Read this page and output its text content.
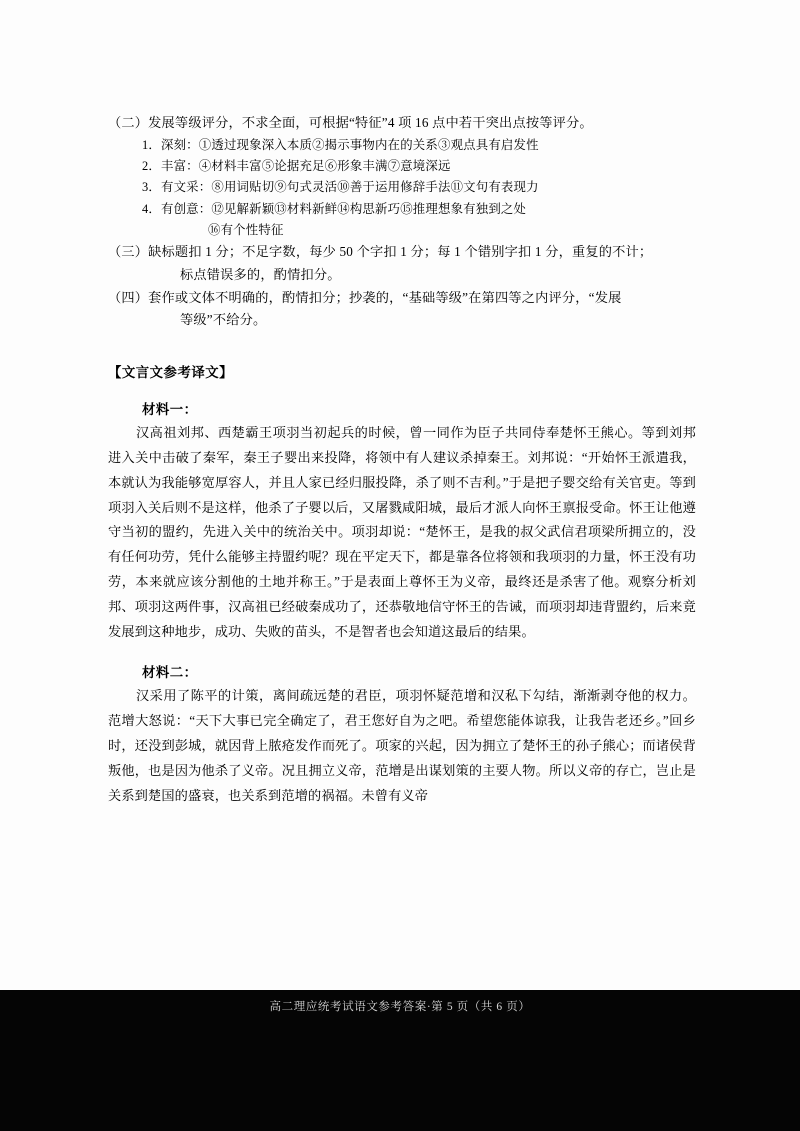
（二）发展等级评分，不求全面，可根据“特征”4 项 16 点中若干突出点按等评分。
1．深刻：①透过现象深入本质②揭示事物内在的关系③观点具有启发性
2．丰富：④材料丰富⑤论据充足⑥形象丰满⑦意境深远
3．有文采：⑧用词贴切⑨句式灵活⑩善于运用修辞手法⑪文句有表现力
4．有创意：⑫见解新颖⑬材料新鲜⑭构思新巧⑮推理想象有独到之处
⑯有个性特征
（三）缺标题扣 1 分；不足字数，每少 50 个字扣 1 分；每 1 个错别字扣 1 分，重复的不计；
标点错误多的，酌情扣分。
（四）套作或文体不明确的，酌情扣分；抄袭的，“基础等级”在第四等之内评分，“发展
等级”不给分。
【文言文参考译文】
材料一：
汉高祖刘邦、西楚霸王项羽当初起兵的时候，曾一同作为臣子共同侍奉楚怀王熊心。等到刘邦进入关中击破了秦军，秦王子婴出来投降，将领中有人建议杀掉秦王。刘邦说：“开始怀王派遣我，本就认为我能够宽厚容人，并且人家已经归服投降，杀了则不吉利。”于是把子婴交给有关官吏。等到项羽入关后则不是这样，他杀了子婴以后，又屠戮咸阳城，最后才派人向怀王禀报受命。怀王让他遵守当初的盟约，先进入关中的统治关中。项羽却说：“楚怀王，是我的叔父武信君项梁所拥立的，没有任何功劳，凭什么能够主持盟约呢？现在平定天下，都是靠各位将领和我项羽的力量，怀王没有功劳，本来就应该分割他的土地并称王。”于是表面上尊怀王为义帝，最终还是杀害了他。观察分析刘邦、项羽这两件事，汉高祖已经破秦成功了，还恭敬地信守怀王的告诫，而项羽却违背盟约，后来竟发展到这种地步，成功、失败的苗头，不是智者也会知道这最后的结果。
材料二：
汉采用了陈平的计策，离间疏远楚的君臣，项羽怀疑范增和汉私下勾结，渐渐剥夺他的权力。范增大怒说：“天下大事已完全确定了，君王您好自为之吧。希望您能体谅我，让我告老还乡。”回乡时，还没到彭城，就因背上脓疮发作而死了。项家的兴起，因为拥立了楚怀王的孙子熊心；而诸侯背叛他，也是因为他杀了义帝。况且拥立义帝，范增是出谋划策的主要人物。所以义帝的存亡，岂止是关系到楚国的盛衰，也关系到范增的祸福。未曾有义帝
高二理应统考试语文参考答案·第 5 页（共 6 页）
